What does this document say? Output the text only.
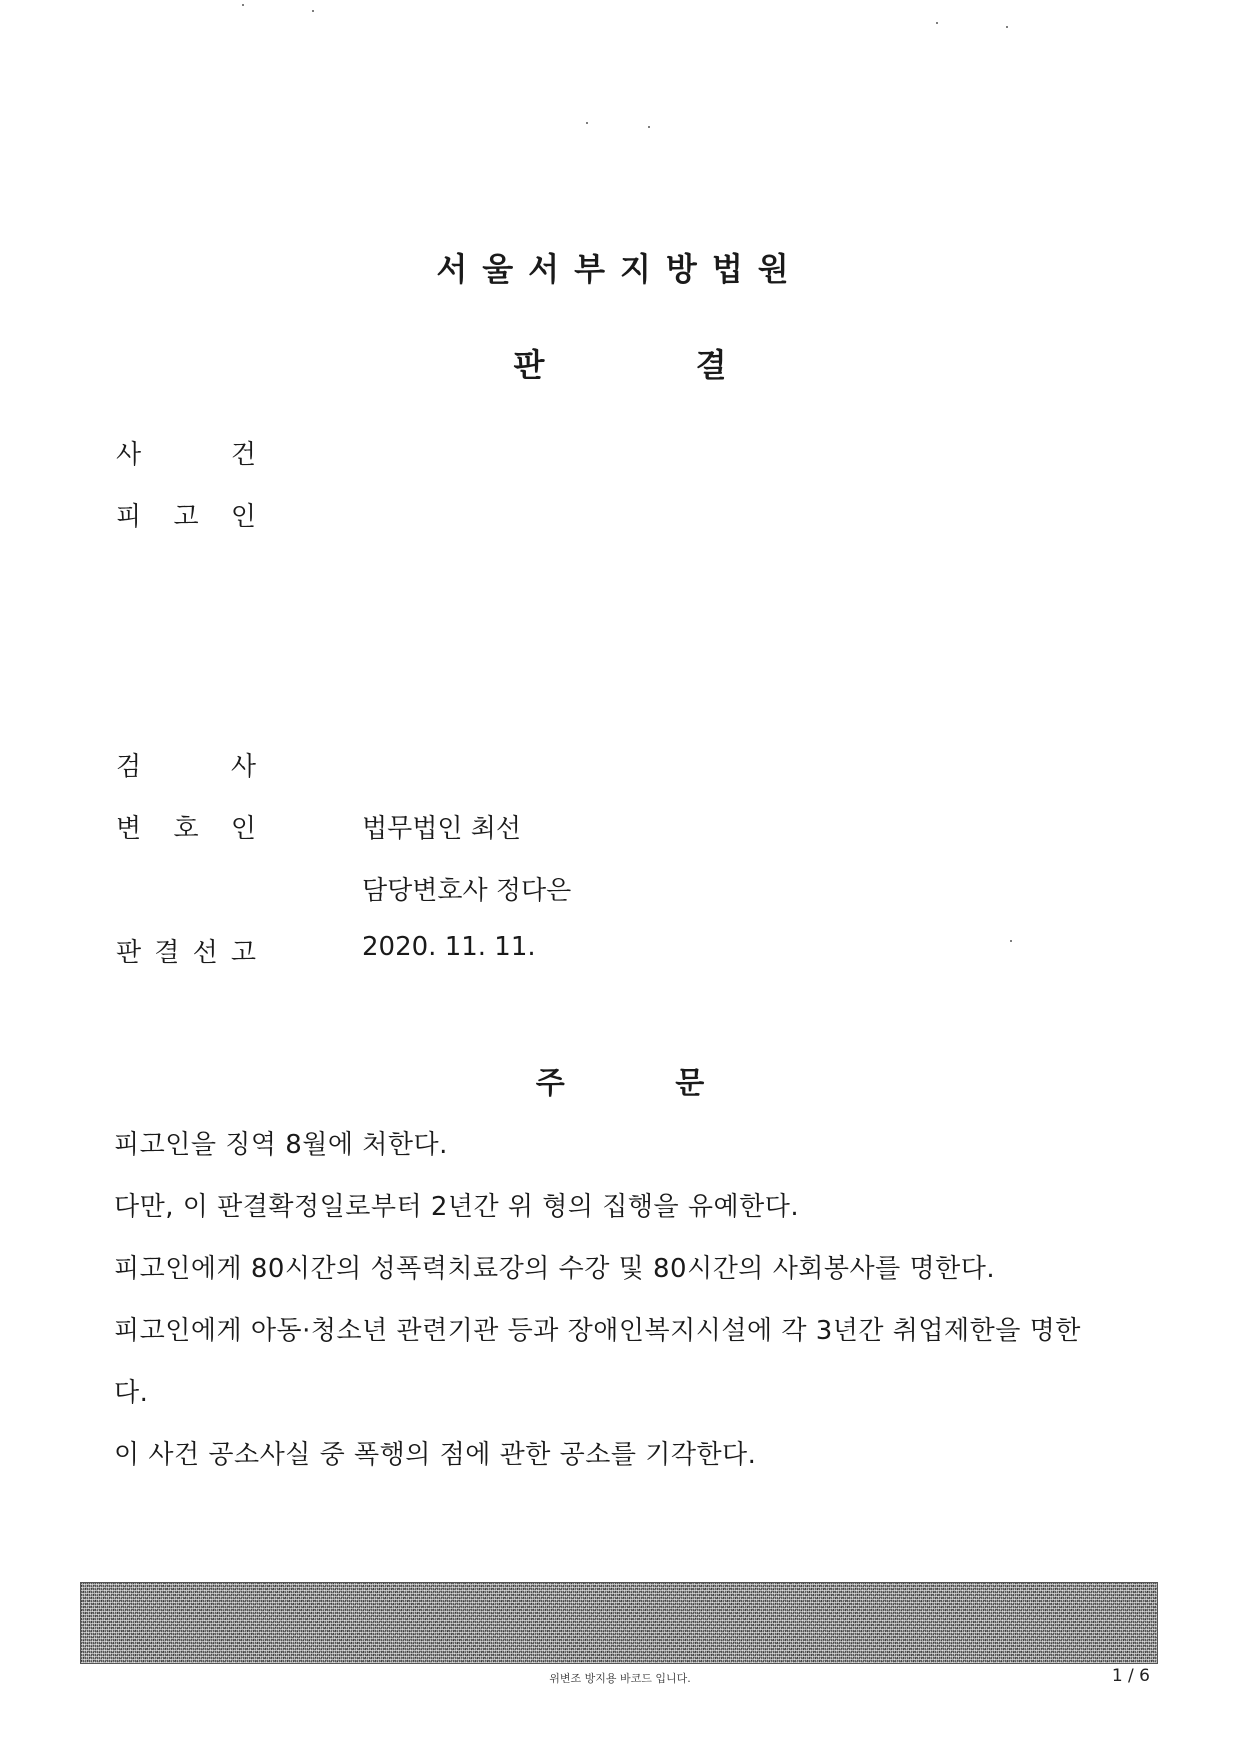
서울서부지방법원
판 결
사	건
피 고 인
검	사
변 호 인	법무법인 최선
담당변호사 정다은
판 결 선 고	2020. 11. 11.
주 문
피고인을 징역 8월에 처한다.
다만, 이 판결확정일로부터 2년간 위 형의 집행을 유예한다.
피고인에게 80시간의 성폭력치료강의 수강 및 80시간의 사회봉사를 명한다.
피고인에게 아동·청소년 관련기관 등과 장애인복지시설에 각 3년간 취업제한을 명한
다.
이 사건 공소사실 중 폭행의 점에 관한 공소를 기각한다.
위변조 방지용 바코드 입니다.	1 / 6
